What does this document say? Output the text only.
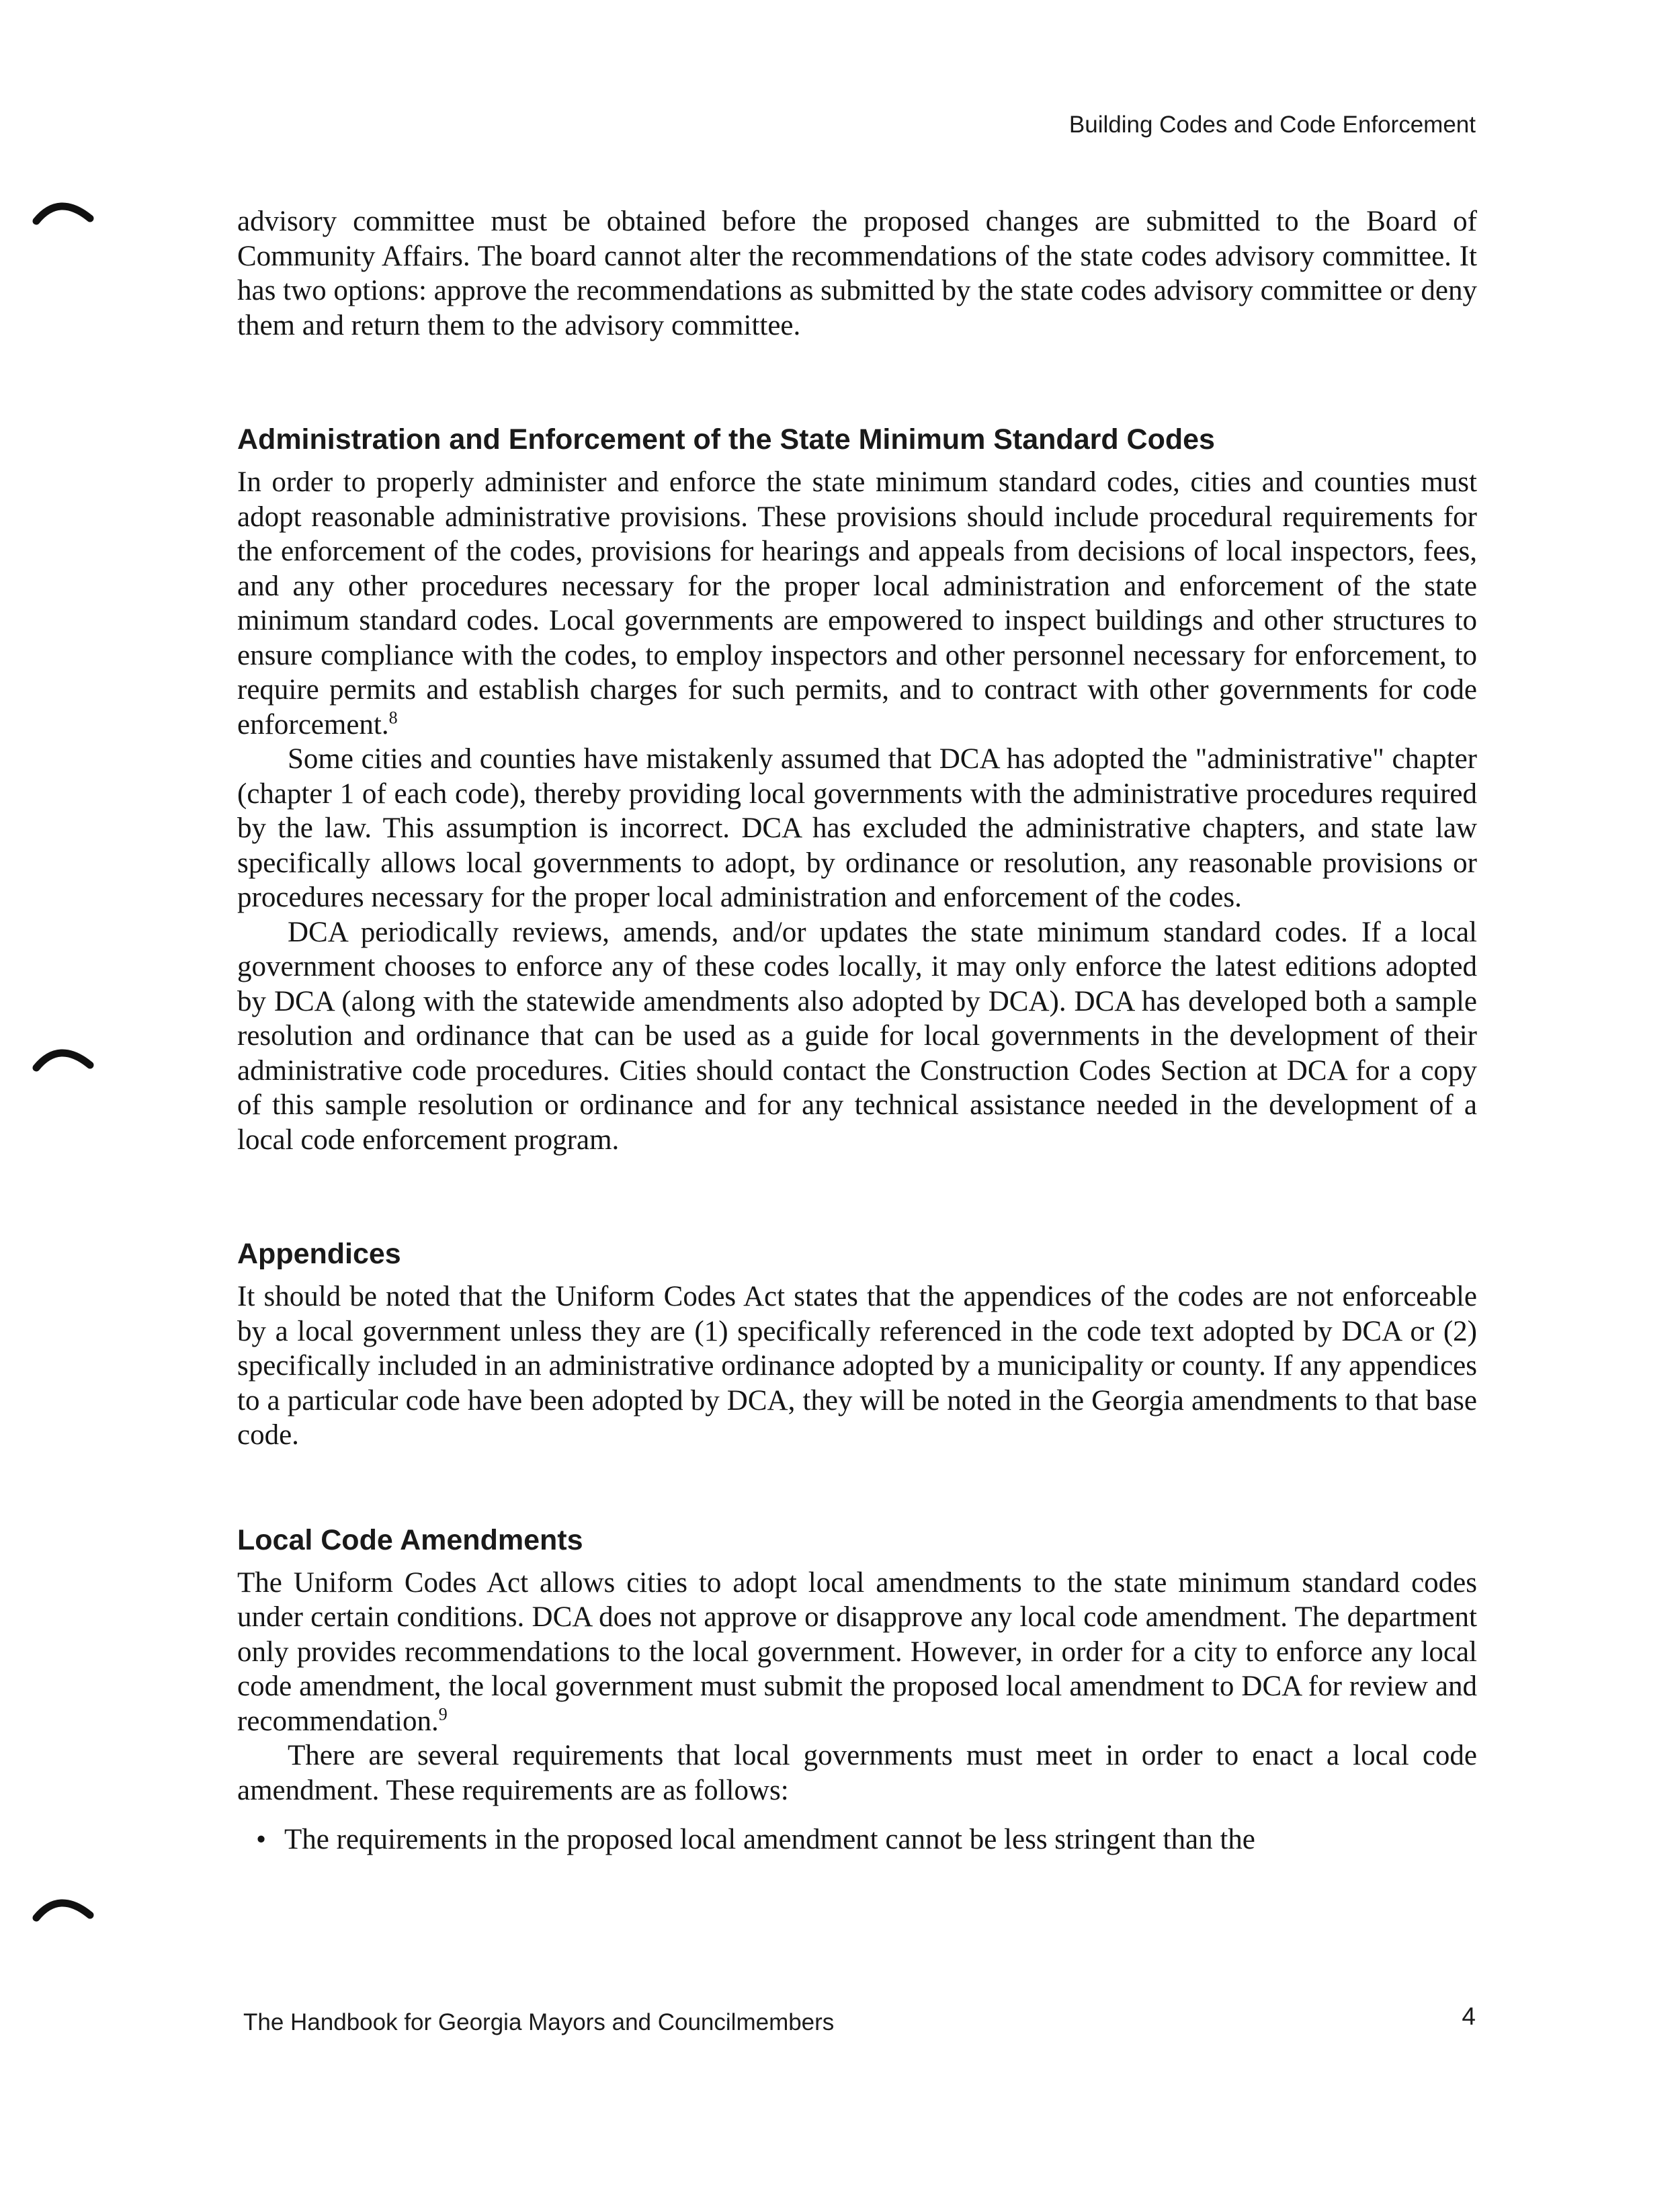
Building Codes and Code Enforcement

advisory committee must be obtained before the proposed changes are submitted to the Board of Community Affairs. The board cannot alter the recommendations of the state codes advisory committee. It has two options: approve the recommendations as submitted by the state codes advisory committee or deny them and return them to the advisory committee.

Administration and Enforcement of the State Minimum Standard Codes

In order to properly administer and enforce the state minimum standard codes, cities and counties must adopt reasonable administrative provisions. These provisions should include procedural requirements for the enforcement of the codes, provisions for hearings and appeals from decisions of local inspectors, fees, and any other procedures necessary for the proper local administration and enforcement of the state minimum standard codes. Local governments are empowered to inspect buildings and other structures to ensure compliance with the codes, to employ inspectors and other personnel necessary for enforcement, to require permits and establish charges for such permits, and to contract with other governments for code enforcement.$^8$

Some cities and counties have mistakenly assumed that DCA has adopted the "administrative" chapter (chapter 1 of each code), thereby providing local governments with the administrative procedures required by the law. This assumption is incorrect. DCA has excluded the administrative chapters, and state law specifically allows local governments to adopt, by ordinance or resolution, any reasonable provisions or procedures necessary for the proper local administration and enforcement of the codes.

DCA periodically reviews, amends, and/or updates the state minimum standard codes. If a local government chooses to enforce any of these codes locally, it may only enforce the latest editions adopted by DCA (along with the statewide amendments also adopted by DCA). DCA has developed both a sample resolution and ordinance that can be used as a guide for local governments in the development of their administrative code procedures. Cities should contact the Construction Codes Section at DCA for a copy of this sample resolution or ordinance and for any technical assistance needed in the development of a local code enforcement program.

Appendices

It should be noted that the Uniform Codes Act states that the appendices of the codes are not enforceable by a local government unless they are (1) specifically referenced in the code text adopted by DCA or (2) specifically included in an administrative ordinance adopted by a municipality or county. If any appendices to a particular code have been adopted by DCA, they will be noted in the Georgia amendments to that base code.

Local Code Amendments

The Uniform Codes Act allows cities to adopt local amendments to the state minimum standard codes under certain conditions. DCA does not approve or disapprove any local code amendment. The department only provides recommendations to the local government. However, in order for a city to enforce any local code amendment, the local government must submit the proposed local amendment to DCA for review and recommendation.$^9$

There are several requirements that local governments must meet in order to enact a local code amendment. These requirements are as follows:

• The requirements in the proposed local amendment cannot be less stringent than the
The Handbook for Georgia Mayors and Councilmembers	4
